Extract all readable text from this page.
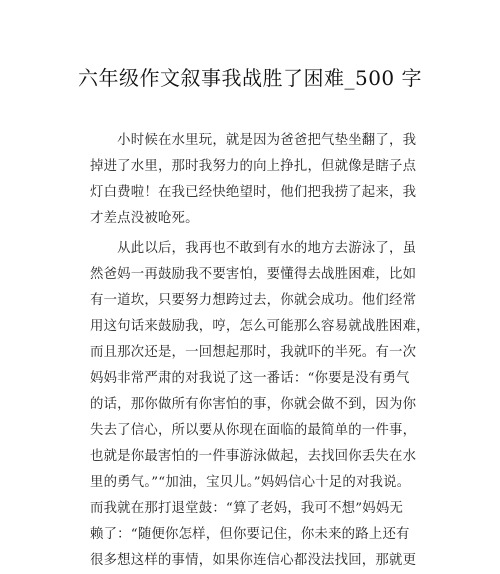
六年级作文叙事我战胜了困难_500 字
　　小时候在水里玩，就是因为爸爸把气垫坐翻了，我
掉进了水里，那时我努力的向上挣扎，但就像是瞎子点
灯白费啦！在我已经快绝望时，他们把我捞了起来，我
才差点没被呛死。
　　从此以后，我再也不敢到有水的地方去游泳了，虽
然爸妈一再鼓励我不要害怕，要懂得去战胜困难，比如
有一道坎，只要努力想跨过去，你就会成功。他们经常
用这句话来鼓励我，哼，怎么可能那么容易就战胜困难，
而且那次还是，一回想起那时，我就吓的半死。有一次
妈妈非常严肃的对我说了这一番话：“你要是没有勇气
的话，那你做所有你害怕的事，你就会做不到，因为你
失去了信心，所以要从你现在面临的最简单的一件事，
也就是你最害怕的一件事游泳做起，去找回你丢失在水
里的勇气。”“加油，宝贝儿。”妈妈信心十足的对我说。
而我就在那打退堂鼓：“算了老妈，我可不想”妈妈无
赖了：“随便你怎样，但你要记住，你未来的路上还有
很多想这样的事情，如果你连信心都没法找回，那就更
